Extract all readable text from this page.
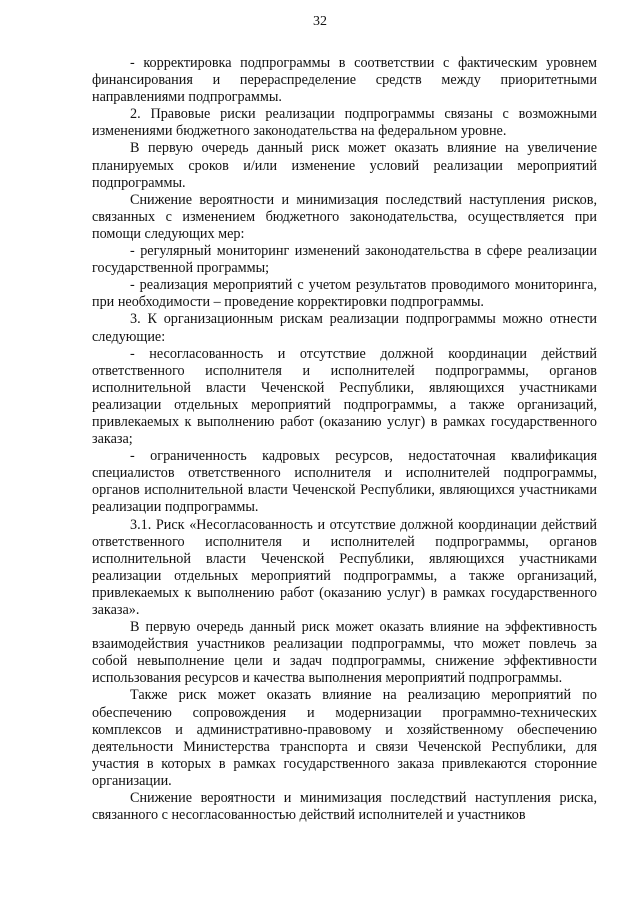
32

- корректировка подпрограммы в соответствии с фактическим уровнем финансирования и перераспределение средств между приоритетными направлениями подпрограммы.

2. Правовые риски реализации подпрограммы связаны с возможными изменениями бюджетного законодательства на федеральном уровне.

В первую очередь данный риск может оказать влияние на увеличение планируемых сроков и/или изменение условий реализации мероприятий подпрограммы.

Снижение вероятности и минимизация последствий наступления рисков, связанных с изменением бюджетного законодательства, осуществляется при помощи следующих мер:

- регулярный мониторинг изменений законодательства в сфере реализации государственной программы;

- реализация мероприятий с учетом результатов проводимого мониторинга, при необходимости – проведение корректировки подпрограммы.

3. К организационным рискам реализации подпрограммы можно отнести следующие:

- несогласованность и отсутствие должной координации действий ответственного исполнителя и исполнителей подпрограммы, органов исполнительной власти Чеченской Республики, являющихся участниками реализации отдельных мероприятий подпрограммы, а также организаций, привлекаемых к выполнению работ (оказанию услуг) в рамках государственного заказа;

- ограниченность кадровых ресурсов, недостаточная квалификация специалистов ответственного исполнителя и исполнителей подпрограммы, органов исполнительной власти Чеченской Республики, являющихся участниками реализации подпрограммы.

3.1. Риск «Несогласованность и отсутствие должной координации действий ответственного исполнителя и исполнителей подпрограммы, органов исполнительной власти Чеченской Республики, являющихся участниками реализации отдельных мероприятий подпрограммы, а также организаций, привлекаемых к выполнению работ (оказанию услуг) в рамках государственного заказа».

В первую очередь данный риск может оказать влияние на эффективность взаимодействия участников реализации подпрограммы, что может повлечь за собой невыполнение цели и задач подпрограммы, снижение эффективности использования ресурсов и качества выполнения мероприятий подпрограммы.

Также риск может оказать влияние на реализацию мероприятий по обеспечению сопровождения и модернизации программно-технических комплексов и административно-правовому и хозяйственному обеспечению деятельности Министерства транспорта и связи Чеченской Республики, для участия в которых в рамках государственного заказа привлекаются сторонние организации.

Снижение вероятности и минимизация последствий наступления риска, связанного с несогласованностью действий исполнителей и участников
